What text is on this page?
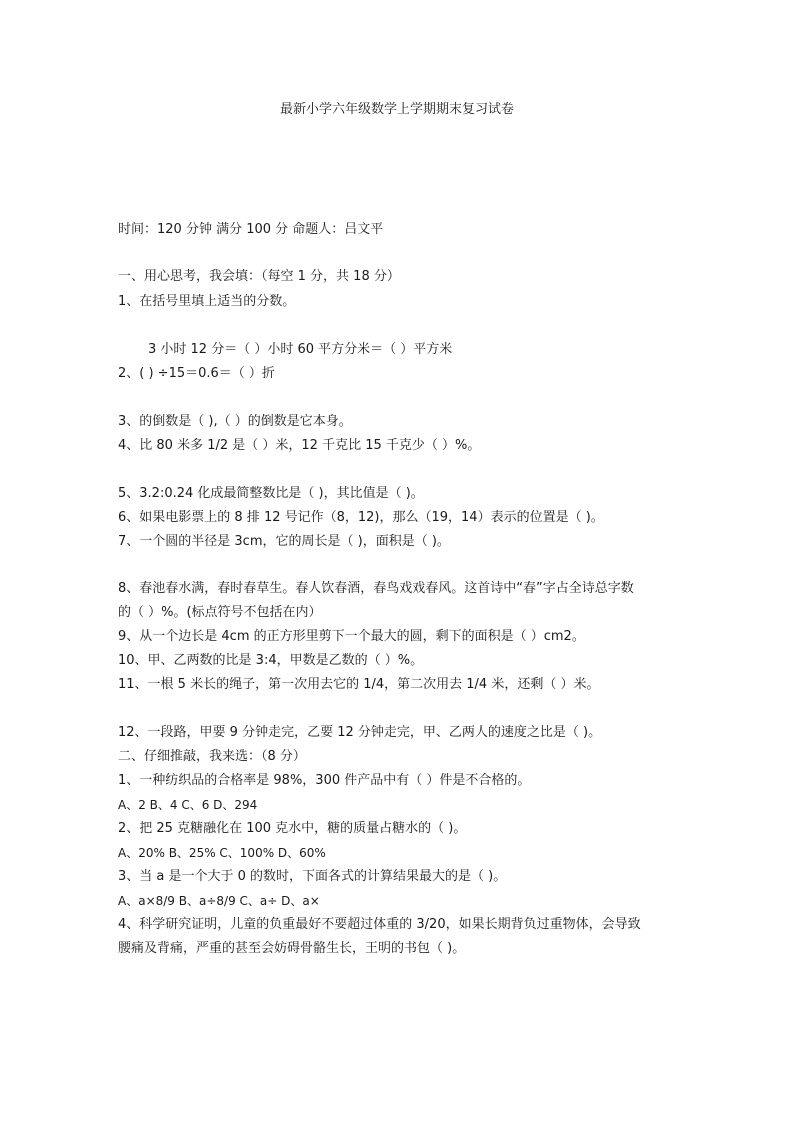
最新小学六年级数学上学期期末复习试卷
时间：120 分钟 满分 100 分 命题人：吕文平
一、用心思考，我会填：（每空 1 分，共 18 分）
1、在括号里填上适当的分数。
3 小时 12 分＝（ ）小时 60 平方分米＝（ ）平方米
2、( ) ÷15＝0.6＝（ ）折
3、的倒数是（ ),（ ）的倒数是它本身。
4、比 80 米多 1/2 是（ ）米，12 千克比 15 千克少（ ）%。
5、3.2:0.24 化成最简整数比是（ )，其比值是（ )。
6、如果电影票上的 8 排 12 号记作（8，12)，那么（19，14）表示的位置是（ )。
7、一个圆的半径是 3cm，它的周长是（ )，面积是（ )。
8、春池春水满，春时春草生。春人饮春酒，春鸟戏戏春风。这首诗中“春”字占全诗总字数
的（ ）%。(标点符号不包括在内）
9、从一个边长是 4cm 的正方形里剪下一个最大的圆，剩下的面积是（ ）cm2。
10、甲、乙两数的比是 3:4，甲数是乙数的（ ）%。
11、一根 5 米长的绳子，第一次用去它的 1/4，第二次用去 1/4 米，还剩（ ）米。
12、一段路，甲要 9 分钟走完，乙要 12 分钟走完，甲、乙两人的速度之比是（ )。
二、仔细推敲，我来选：（8 分）
1、一种纺织品的合格率是 98%，300 件产品中有（ ）件是不合格的。
A、2 B、4 C、6 D、294
2、把 25 克糖融化在 100 克水中，糖的质量占糖水的（ )。
A、20% B、25% C、100% D、60%
3、当 a 是一个大于 0 的数时，下面各式的计算结果最大的是（ )。
A、a×8/9 B、a÷8/9 C、a÷ D、a×
4、科学研究证明，儿童的负重最好不要超过体重的 3/20，如果长期背负过重物体，会导致
腰痛及背痛，严重的甚至会妨碍骨骼生长，王明的书包（ )。
